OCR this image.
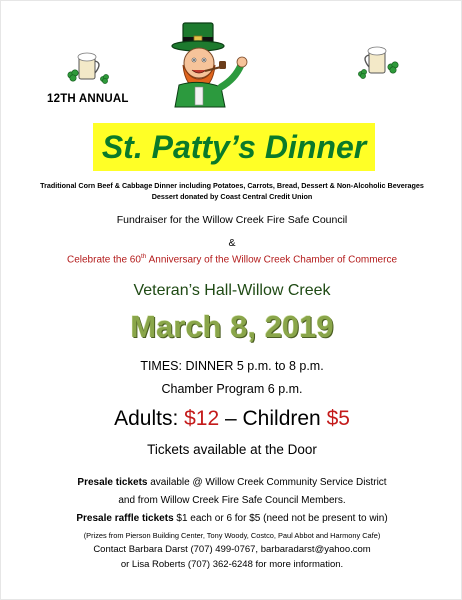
12TH ANNUAL
St. Patty’s Dinner
Traditional Corn Beef & Cabbage Dinner including Potatoes, Carrots, Bread, Dessert & Non-Alcoholic Beverages
Dessert donated by Coast Central Credit Union
Fundraiser for the Willow Creek Fire Safe Council
&
Celebrate the 60th Anniversary of the Willow Creek Chamber of Commerce
Veteran’s Hall-Willow Creek
March 8, 2019
TIMES: DINNER 5 p.m. to 8 p.m.
Chamber Program 6 p.m.
Adults: $12 – Children $5
Tickets available at the Door
Presale tickets available @ Willow Creek Community Service District
and from Willow Creek Fire Safe Council Members.
Presale raffle tickets $1 each or 6 for $5 (need not be present to win)
(Prizes from Pierson Building Center, Tony Woody, Costco, Paul Abbot and Harmony Cafe)
Contact Barbara Darst (707) 499-0767, barbaradarst@yahoo.com
or Lisa Roberts (707) 362-6248 for more information.
